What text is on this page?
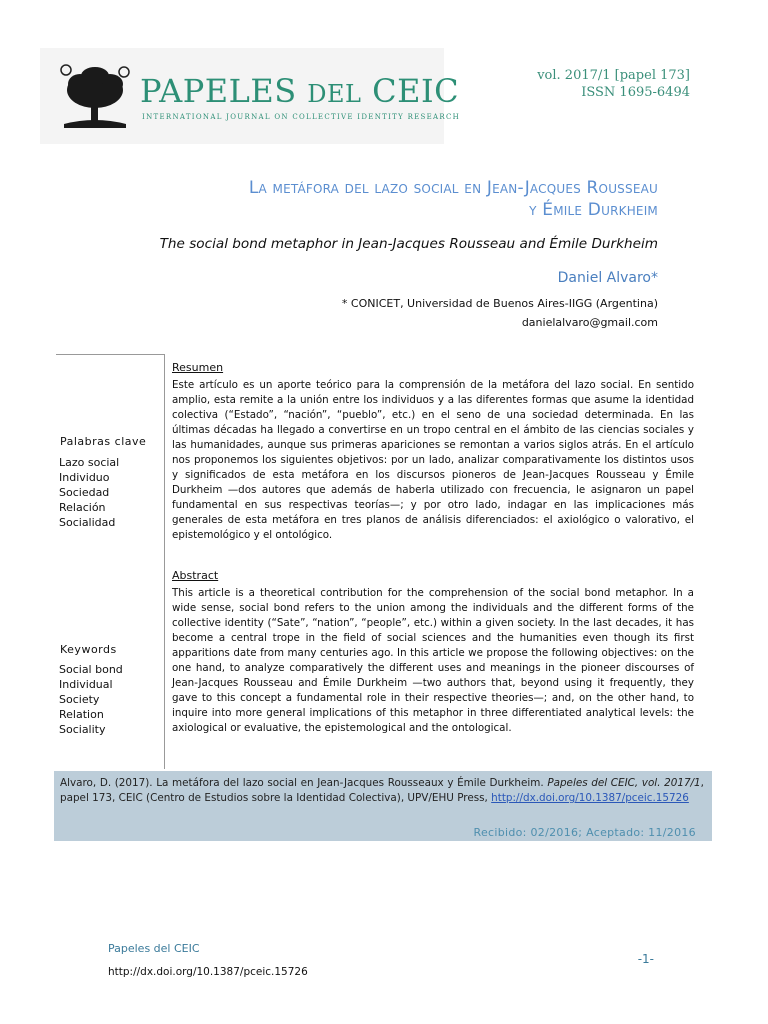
PAPELES DEL CEIC
INTERNATIONAL JOURNAL ON COLLECTIVE IDENTITY RESEARCH
vol. 2017/1 [papel 173]
ISSN 1695-6494
La metáfora del lazo social en Jean-Jacques Rousseau
y Émile Durkheim
The social bond metaphor in Jean-Jacques Rousseau and Émile Durkheim
Daniel Alvaro*
* CONICET, Universidad de Buenos Aires-IIGG (Argentina)
danielalvaro@gmail.com
Palabras clave
Lazo social
Individuo
Sociedad
Relación
Socialidad
Keywords
Social bond
Individual
Society
Relation
Sociality
Resumen
Este artículo es un aporte teórico para la comprensión de la metáfora del lazo social. En sentido amplio, esta remite a la unión entre los individuos y a las diferentes formas que asume la identidad colectiva (“Estado”, “nación”, “pueblo”, etc.) en el seno de una sociedad determinada. En las últimas décadas ha llegado a convertirse en un tropo central en el ámbito de las ciencias sociales y las humanidades, aunque sus primeras apariciones se remontan a varios siglos atrás. En el artículo nos proponemos los siguientes objetivos: por un lado, analizar comparativamente los distintos usos y significados de esta metáfora en los discursos pioneros de Jean-Jacques Rousseau y Émile Durkheim —dos autores que además de haberla utilizado con frecuencia, le asignaron un papel fundamental en sus respectivas teorías—; y por otro lado, indagar en las implicaciones más generales de esta metáfora en tres planos de análisis diferenciados: el axiológico o valorativo, el epistemológico y el ontológico.
Abstract
This article is a theoretical contribution for the comprehension of the social bond metaphor. In a wide sense, social bond refers to the union among the individuals and the different forms of the collective identity (“Sate”, “nation”, “people”, etc.) within a given society. In the last decades, it has become a central trope in the field of social sciences and the humanities even though its first apparitions date from many centuries ago. In this article we propose the following objectives: on the one hand, to analyze comparatively the different uses and meanings in the pioneer discourses of Jean-Jacques Rousseau and Émile Durkheim —two authors that, beyond using it frequently, they gave to this concept a fundamental role in their respective theories—; and, on the other hand, to inquire into more general implications of this metaphor in three differentiated analytical levels: the axiological or evaluative, the epistemological and the ontological.
Alvaro, D. (2017). La metáfora del lazo social en Jean-Jacques Rousseaux y Émile Durkheim. Papeles del CEIC, vol. 2017/1, papel 173, CEIC (Centro de Estudios sobre la Identidad Colectiva), UPV/EHU Press, http://dx.doi.org/10.1387/pceic.15726
Recibido: 02/2016; Aceptado: 11/2016
Papeles del CEIC
http://dx.doi.org/10.1387/pceic.15726
-1-
